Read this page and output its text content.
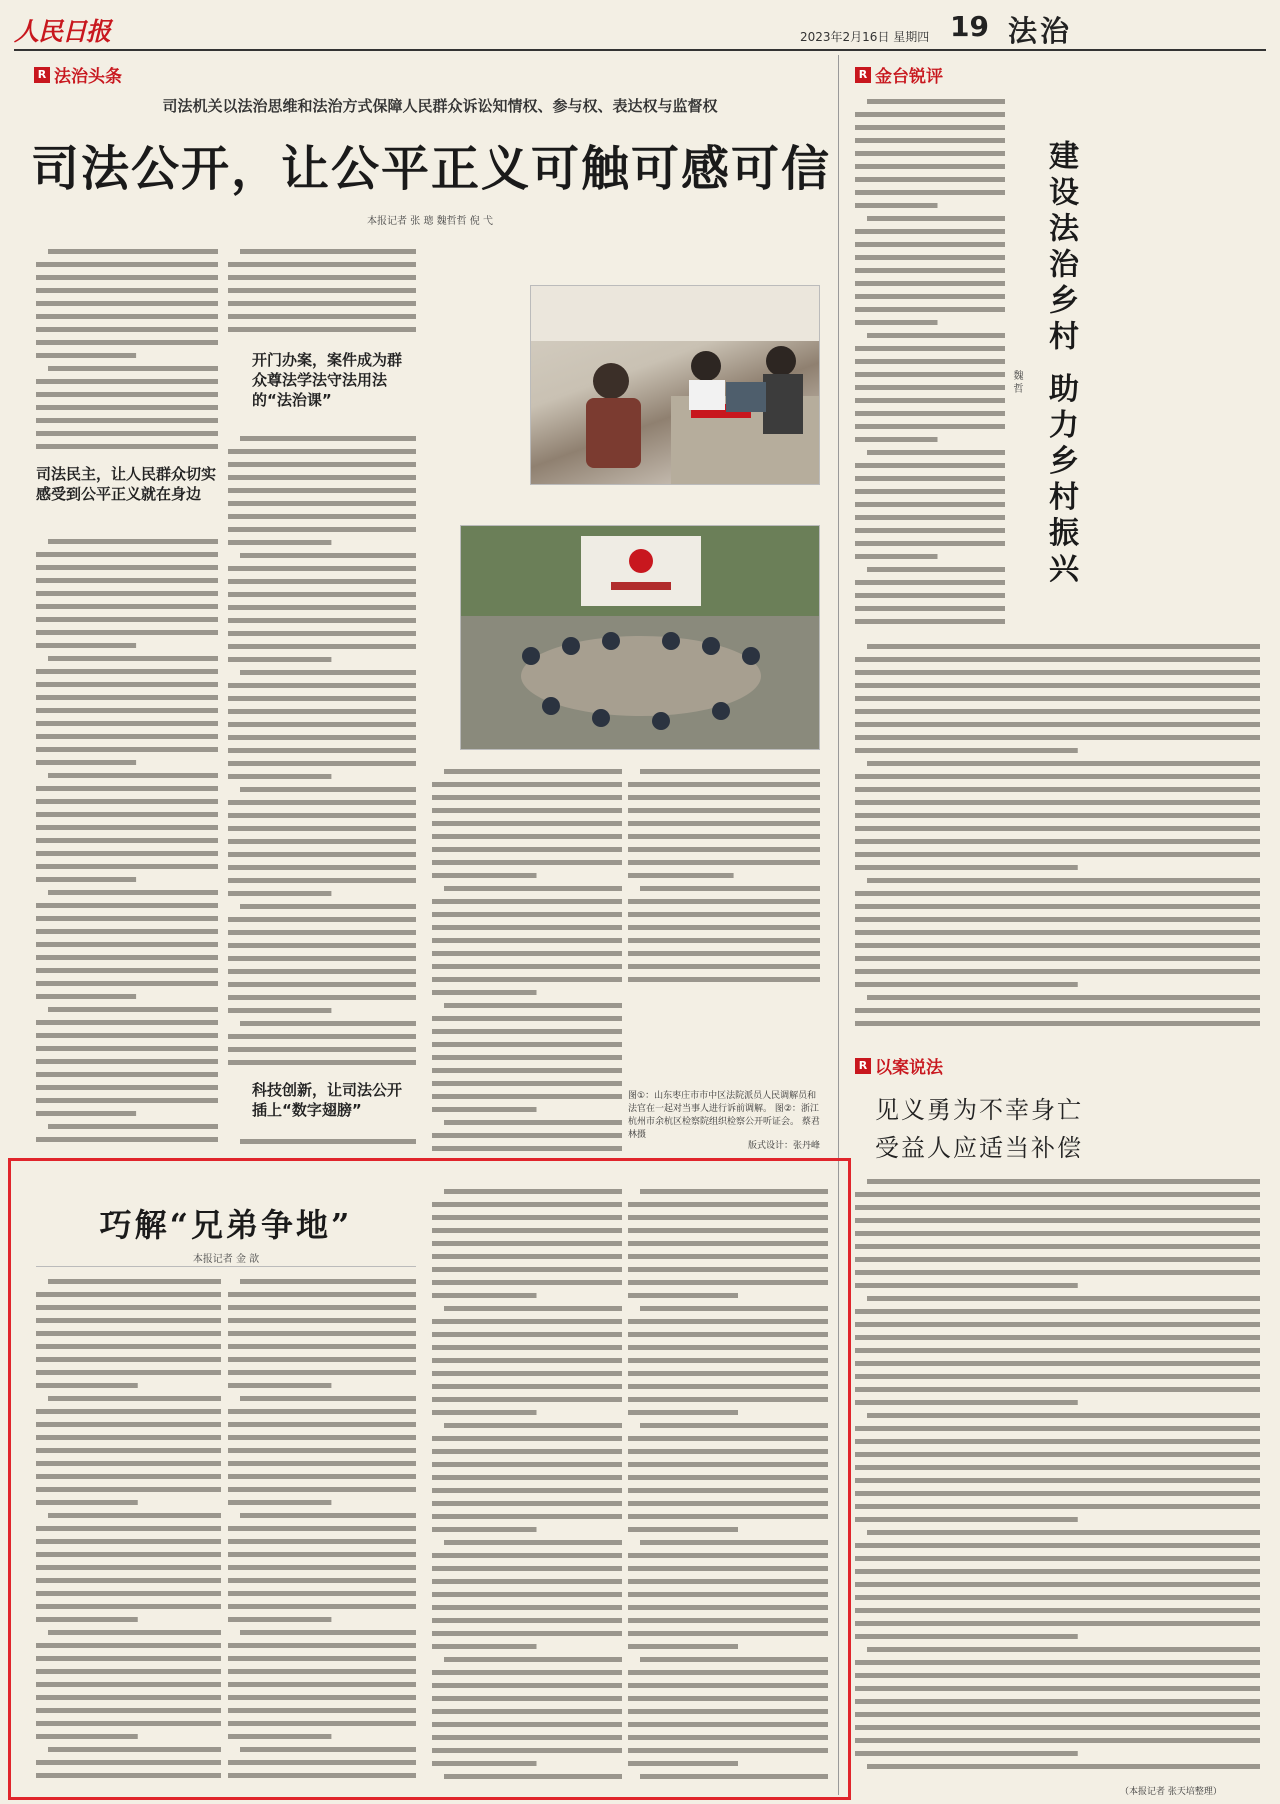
人民日报	2023年2月16日 星期四 19 法治
R 法治头条
司法机关以法治思维和法治方式保障人民群众诉讼知情权、参与权、表达权与监督权
司法公开，让公平正义可触可感可信
本报记者 张 璁 魏哲哲 倪 弋
司法民主，让人民群众切实感受到公平正义就在身边
开门办案，案件成为群众尊法学法守法用法的“法治课”
科技创新，让司法公开插上“数字翅膀”
图①：山东枣庄市市中区法院派员人民调解员和法官在一起对当事人进行诉前调解。 图②：浙江杭州市余杭区检察院组织检察公开听证会。 蔡君林摄
版式设计：张丹峰
R 金台锐评
建设法治乡村 助力乡村振兴
魏 哲
R 以案说法
见义勇为不幸身亡
受益人应适当补偿
（本报记者 张天培整理）
巧解“兄弟争地”
本报记者 金 歆
